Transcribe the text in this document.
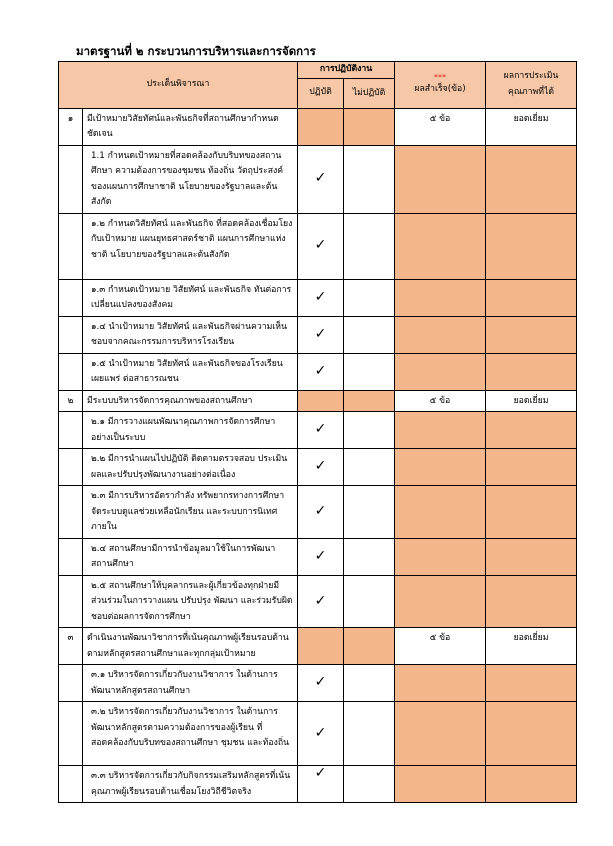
มาตรฐานที่ ๒ กระบวนการบริหารและการจัดการ
ประเด็นพิจารณา		การปฏิบัติงาน		***
ผลสำเร็จ(ข้อ)	ผลการประเมินคุณภาพที่ได้
		ปฏิบัติ	ไม่ปฏิบัติ		
๑	มีเป้าหมายวิสัยทัศน์และพันธกิจที่สถานศึกษากำหนดชัดเจน			๕ ข้อ	ยอดเยี่ยม
	1.1 กำหนดเป้าหมายที่สอดคล้องกับบริบทของสถานศึกษา ความต้องการของชุมชน ท้องถิ่น วัตถุประสงค์ของแผนการศึกษาชาติ นโยบายของรัฐบาลและต้นสังกัด	✓			
	๑.๒ กำหนดวิสัยทัศน์ และพันธกิจ ที่สอดคล้องเชื่อมโยงกับเป้าหมาย แผนยุทธศาสตร์ชาติ แผนการศึกษาแห่งชาติ นโยบายของรัฐบาลและต้นสังกัด	✓			
	๑.๓ กำหนดเป้าหมาย วิสัยทัศน์ และพันธกิจ ทันต่อการเปลี่ยนแปลงของสังคม	✓			
	๑.๔ นำเป้าหมาย วิสัยทัศน์ และพันธกิจผ่านความเห็นชอบจากคณะกรรมการบริหารโรงเรียน	✓			
	๑.๕ นำเป้าหมาย วิสัยทัศน์ และพันธกิจของโรงเรียนเผยแพร่ ต่อสาธารณชน	✓			
๒	มีระบบบริหารจัดการคุณภาพของสถานศึกษา			๕ ข้อ	ยอดเยี่ยม
	๒.๑ มีการวางแผนพัฒนาคุณภาพการจัดการศึกษาอย่างเป็นระบบ	✓			
	๒.๒ มีการนำแผนไปปฏิบัติ ติดตามตรวจสอบ ประเมินผลและปรับปรุงพัฒนางานอย่างต่อเนื่อง	✓			
	๒.๓ มีการบริหารอัตรากำลัง ทรัพยากรทางการศึกษา จัดระบบดูแลช่วยเหลือนักเรียน และระบบการนิเทศภายใน	✓			
	๒.๔ สถานศึกษามีการนำข้อมูลมาใช้ในการพัฒนาสถานศึกษา	✓			
	๒.๕ สถานศึกษาให้บุคลากรและผู้เกี่ยวข้องทุกฝ่ายมีส่วนร่วมในการวางแผน ปรับปรุง พัฒนา และร่วมรับผิดชอบต่อผลการจัดการศึกษา	✓			
๓	ดำเนินงานพัฒนาวิชาการที่เน้นคุณภาพผู้เรียนรอบด้านตามหลักสูตรสถานศึกษาและทุกกลุ่มเป้าหมาย			๕ ข้อ	ยอดเยี่ยม
	๓.๑ บริหารจัดการเกี่ยวกับงานวิชาการ ในด้านการพัฒนาหลักสูตรสถานศึกษา	✓			
	๓.๒ บริหารจัดการเกี่ยวกับงานวิชาการ ในด้านการพัฒนาหลักสูตรตามความต้องการของผู้เรียน ที่สอดคล้องกับบริบทของสถานศึกษา ชุมชน และท้องถิ่น	✓			
	๓.๓ บริหารจัดการเกี่ยวกับกิจกรรมเสริมหลักสูตรที่เน้นคุณภาพผู้เรียนรอบด้านเชื่อมโยงวิถีชีวิตจริง	✓			
